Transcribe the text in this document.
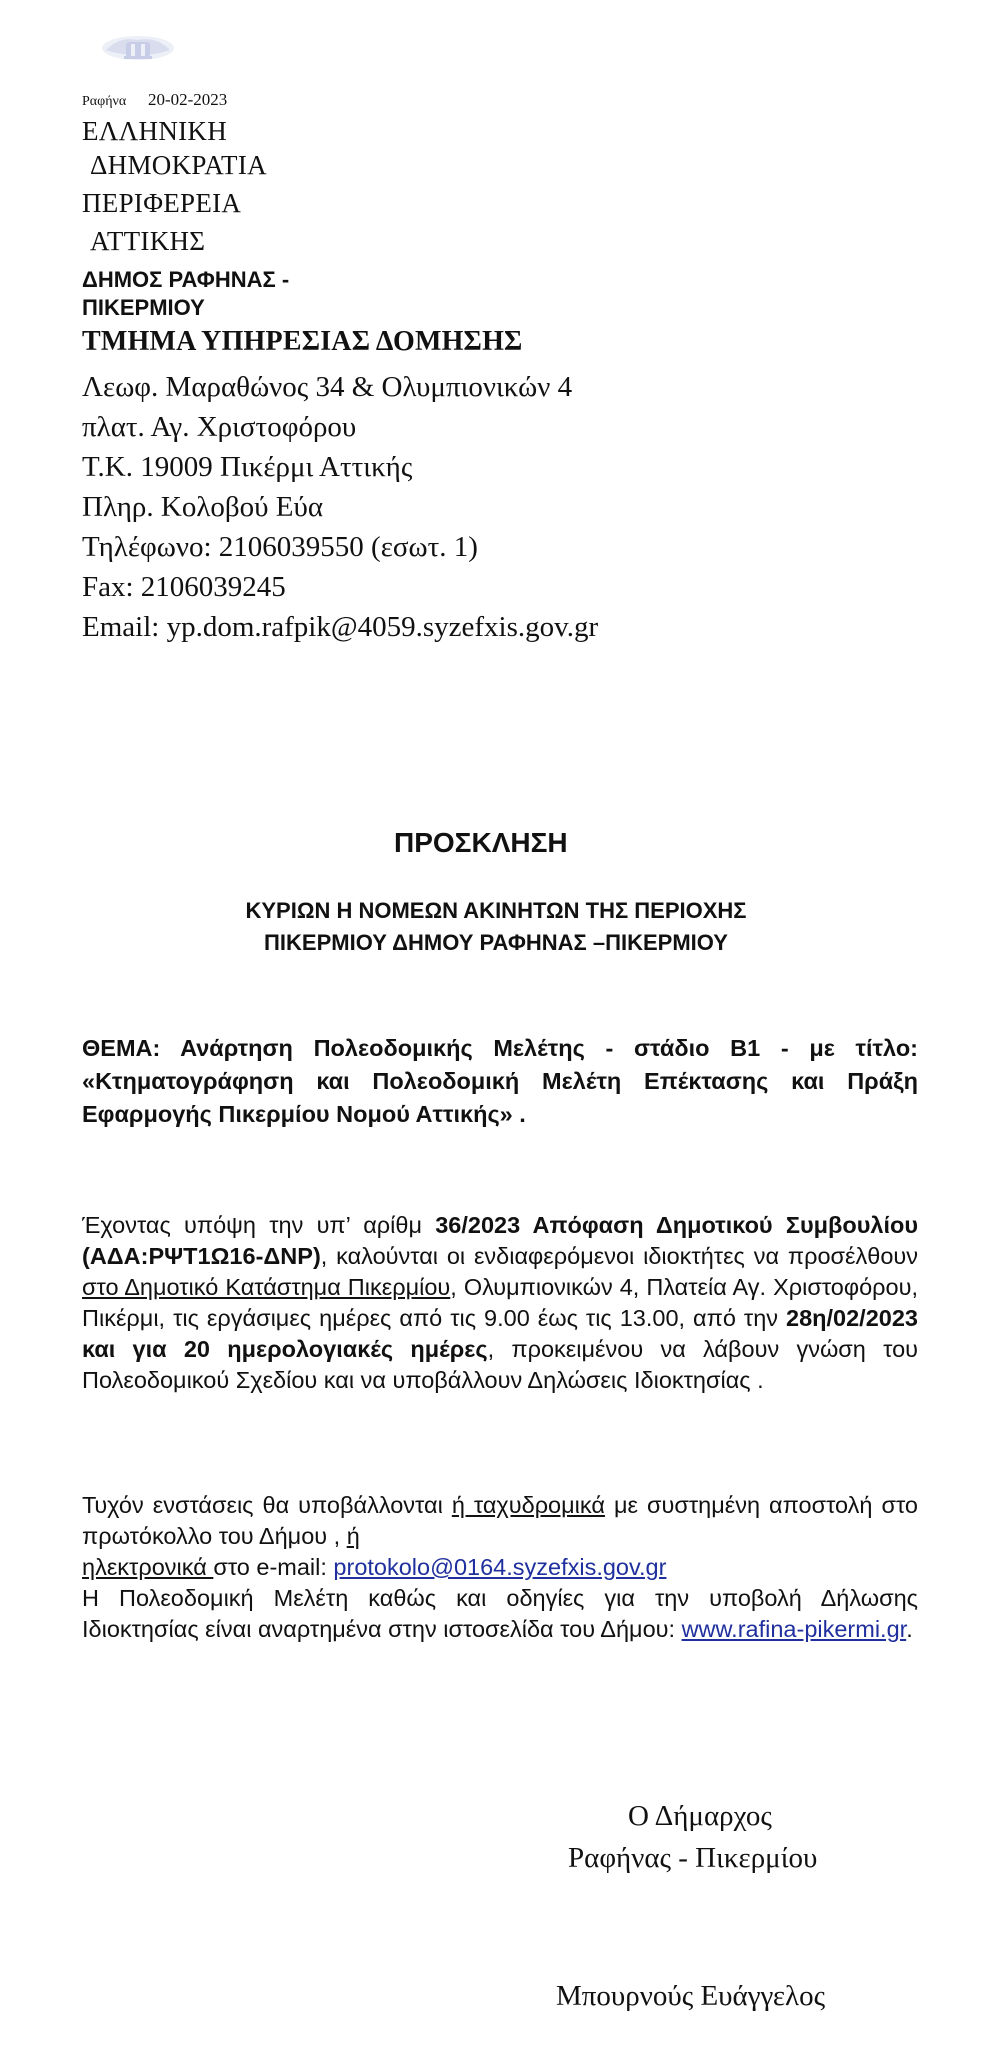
Ραφήνα 20-02-2023
ΕΛΛΗΝΙΚΗ
ΔΗΜΟΚΡΑΤΙΑ
ΠΕΡΙΦΕΡΕΙΑ
ΑΤΤΙΚΗΣ
ΔΗΜΟΣ ΡΑΦΗΝΑΣ -
ΠΙΚΕΡΜΙΟΥ
ΤΜΗΜΑ ΥΠΗΡΕΣΙΑΣ ΔΟΜΗΣΗΣ
Λεωφ. Μαραθώνος 34 & Ολυμπιονικών 4
πλατ. Αγ. Χριστοφόρου
Τ.Κ. 19009 Πικέρμι Αττικής
Πληρ. Κολοβού Εύα
Τηλέφωνο: 2106039550 (εσωτ. 1)
Fax: 2106039245
Email: yp.dom.rafpik@4059.syzefxis.gov.gr
ΠΡΟΣΚΛΗΣΗ
ΚΥΡΙΩΝ Η ΝΟΜΕΩΝ ΑΚΙΝΗΤΩΝ ΤΗΣ ΠΕΡΙΟΧΗΣ
ΠΙΚΕΡΜΙΟΥ ΔΗΜΟΥ ΡΑΦΗΝΑΣ –ΠΙΚΕΡΜΙΟΥ
ΘΕΜΑ: Ανάρτηση Πολεοδομικής Μελέτης - στάδιο Β1 - με τίτλο: «Κτηματογράφηση και Πολεοδομική Μελέτη Επέκτασης και Πράξη Εφαρμογής Πικερμίου Νομού Αττικής» .
Έχοντας υπόψη την υπ’ αρίθμ 36/2023 Απόφαση Δημοτικού Συμβουλίου (ΑΔΑ:ΡΨΤ1Ω16-ΔΝΡ), καλούνται οι ενδιαφερόμενοι ιδιοκτήτες να προσέλθουν στο Δημοτικό Κατάστημα Πικερμίου, Ολυμπιονικών 4, Πλατεία Αγ. Χριστοφόρου, Πικέρμι, τις εργάσιμες ημέρες από τις 9.00 έως τις 13.00, από την 28η/02/2023 και για 20 ημερολογιακές ημέρες, προκειμένου να λάβουν γνώση του Πολεοδομικού Σχεδίου και να υποβάλλουν Δηλώσεις Ιδιοκτησίας .
Τυχόν ενστάσεις θα υποβάλλονται ή ταχυδρομικά με συστημένη αποστολή στο πρωτόκολλο του Δήμου , ή
ηλεκτρονικά στο e-mail: protokolo@0164.syzefxis.gov.gr
Η Πολεοδομική Μελέτη καθώς και οδηγίες για την υποβολή Δήλωσης Ιδιοκτησίας είναι αναρτημένα στην ιστοσελίδα του Δήμου: www.rafina-pikermi.gr.
Ο Δήμαρχος
Ραφήνας - Πικερμίου
Μπουρνούς Ευάγγελος
